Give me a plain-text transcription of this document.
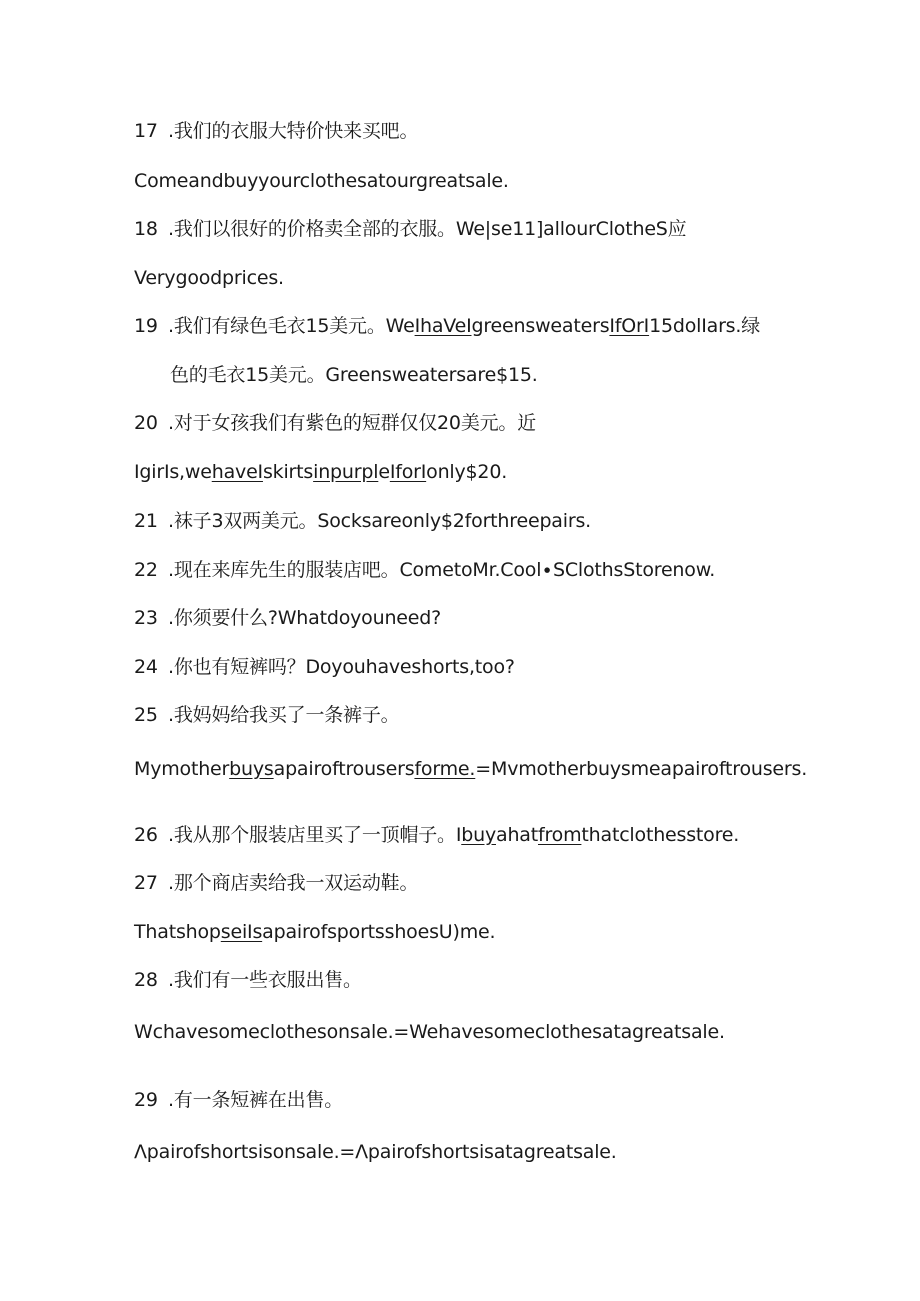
17 .我们的衣服大特价快来买吧。
Comeandbuyyourclothesatourgreatsale.
18 .我们以很好的价格卖全部的衣服。We|se11]allourClotheS应
Verygoodprices.
19 .我们有绿色毛衣15美元。WeIhaVeIgreensweatersIfOrI15dolIars.绿
色的毛衣15美元。Greensweatersare$15.
20 .对于女孩我们有紫色的短群仅仅20美元。近
IgirIs,wehaveIskirtsinpurpleIforIonly$20.
21 .袜子3双两美元。Socksareonly$2forthreepairs.
22 .现在来库先生的服装店吧。CometoMr.Cool∙SClothsStorenow.
23 .你须要什么?Whatdoyouneed?
24 .你也有短裤吗？Doyouhaveshorts,too?
25 .我妈妈给我买了一条裤子。
Mymotherbuysapairoftrousersforme.=Mvmotherbuysmeapairoftrousers.
26 .我从那个服装店里买了一顶帽子。Ibuyahatfromthatclothesstore.
27 .那个商店卖给我一双运动鞋。
ThatshopseiIsapairofsportsshoesU)me.
28 .我们有一些衣服出售。
Wchavesomeclothesonsale.=Wehavesomeclothesatagreatsale.
29 .有一条短裤在出售。
Λpairofshortsisonsale.=Λpairofshortsisatagreatsale.
